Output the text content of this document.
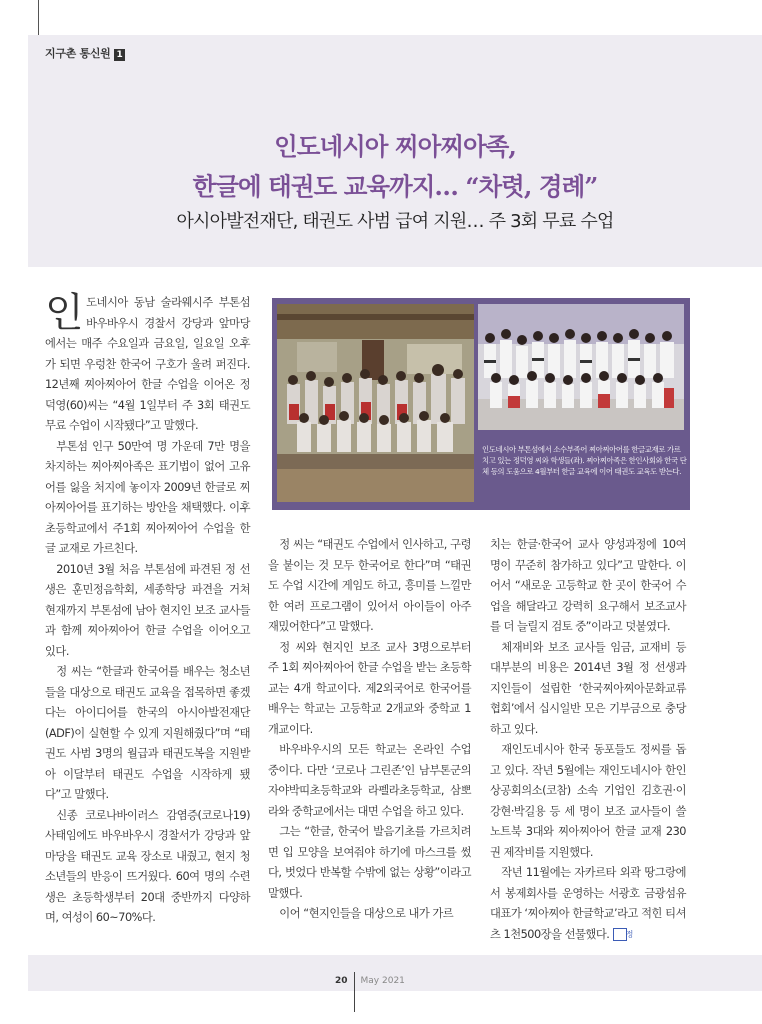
지구촌 통신원 1
인도네시아 찌아찌아족,
한글에 태권도 교육까지… “차렷, 경례”
아시아발전재단, 태권도 사범 급여 지원… 주 3회 무료 수업

인도네시아 동남 술라웨시주 부톤섬 바우바우시 경찰서 강당과 앞마당에서는 매주 수요일과 금요일, 일요일 오후가 되면 우렁찬 한국어 구호가 울려 퍼진다. 12년째 찌아찌아어 한글 수업을 이어온 정덕영(60)씨는 “4월 1일부터 주 3회 태권도 무료 수업이 시작됐다”고 말했다.

부톤섬 인구 50만여 명 가운데 7만 명을 차지하는 찌아찌아족은 표기법이 없어 고유어를 잃을 처지에 놓이자 2009년 한글로 찌아찌아어를 표기하는 방안을 채택했다. 이후 초등학교에서 주1회 찌아찌아어 수업을 한글 교재로 가르친다.

2010년 3월 처음 부톤섬에 파견된 정 선생은 훈민정음학회, 세종학당 파견을 거쳐 현재까지 부톤섬에 남아 현지인 보조 교사들과 함께 찌아찌아어 한글 수업을 이어오고 있다.

정 씨는 “한글과 한국어를 배우는 청소년들을 대상으로 태권도 교육을 접목하면 좋겠다는 아이디어를 한국의 아시아발전재단(ADF)이 실현할 수 있게 지원해줬다”며 “태권도 사범 3명의 월급과 태권도복을 지원받아 이달부터 태권도 수업을 시작하게 됐다”고 말했다.

신종 코로나바이러스 감염증(코로나19) 사태임에도 바우바우시 경찰서가 강당과 앞마당을 태권도 교육 장소로 내줬고, 현지 청소년들의 반응이 뜨거웠다. 60여 명의 수련생은 초등학생부터 20대 중반까지 다양하며, 여성이 60~70%다.

인도네시아 부톤섬에서 소수부족어 찌아찌아어를 한글교재로 가르치고 있는 정덕영 씨와 학생들(좌). 찌아찌아족은 한인사회와 한국 단체 등의 도움으로 4월부터 한글 교육에 이어 태권도 교육도 받는다.

정 씨는 “태권도 수업에서 인사하고, 구령을 붙이는 것 모두 한국어로 한다”며 “태권도 수업 시간에 게임도 하고, 흥미를 느낄만한 여러 프로그램이 있어서 아이들이 아주 재밌어한다”고 말했다.

정 씨와 현지인 보조 교사 3명으로부터 주 1회 찌아찌아어 한글 수업을 받는 초등학교는 4개 학교이다. 제2외국어로 한국어를 배우는 학교는 고등학교 2개교와 중학교 1개교이다.

바우바우시의 모든 학교는 온라인 수업 중이다. 다만 ‘코로나 그린존’인 남부톤군의 자야박띠초등학교와 라펠라초등학교, 삼뽀라와 중학교에서는 대면 수업을 하고 있다.

그는 “한글, 한국어 발음기초를 가르치려면 입 모양을 보여줘야 하기에 마스크를 썼다, 벗었다 반복할 수밖에 없는 상황”이라고 말했다.

이어 “현지인들을 대상으로 내가 가르

치는 한글·한국어 교사 양성과정에 10여 명이 꾸준히 참가하고 있다”고 말한다. 이어서 “새로운 고등학교 한 곳이 한국어 수업을 해달라고 강력히 요구해서 보조교사를 더 늘릴지 검토 중”이라고 덧붙였다.

체재비와 보조 교사들 임금, 교재비 등 대부분의 비용은 2014년 3월 정 선생과 지인들이 설립한 ‘한국찌아찌아문화교류협회’에서 십시일반 모은 기부금으로 충당하고 있다.

재인도네시아 한국 동포들도 정씨를 돕고 있다. 작년 5월에는 재인도네시아 한인상공회의소(코참) 소속 기업인 김호권·이강현·박길용 등 세 명이 보조 교사들이 쓸 노트북 3대와 찌아찌아어 한글 교재 230권 제작비를 지원했다.

작년 11월에는 자카르타 외곽 땅그랑에서 봉제회사를 운영하는 서광호 금광섬유 대표가 ‘찌아찌아 한글학교’라고 적힌 티셔츠 1천500장을 선물했다. 정

20 May 2021
